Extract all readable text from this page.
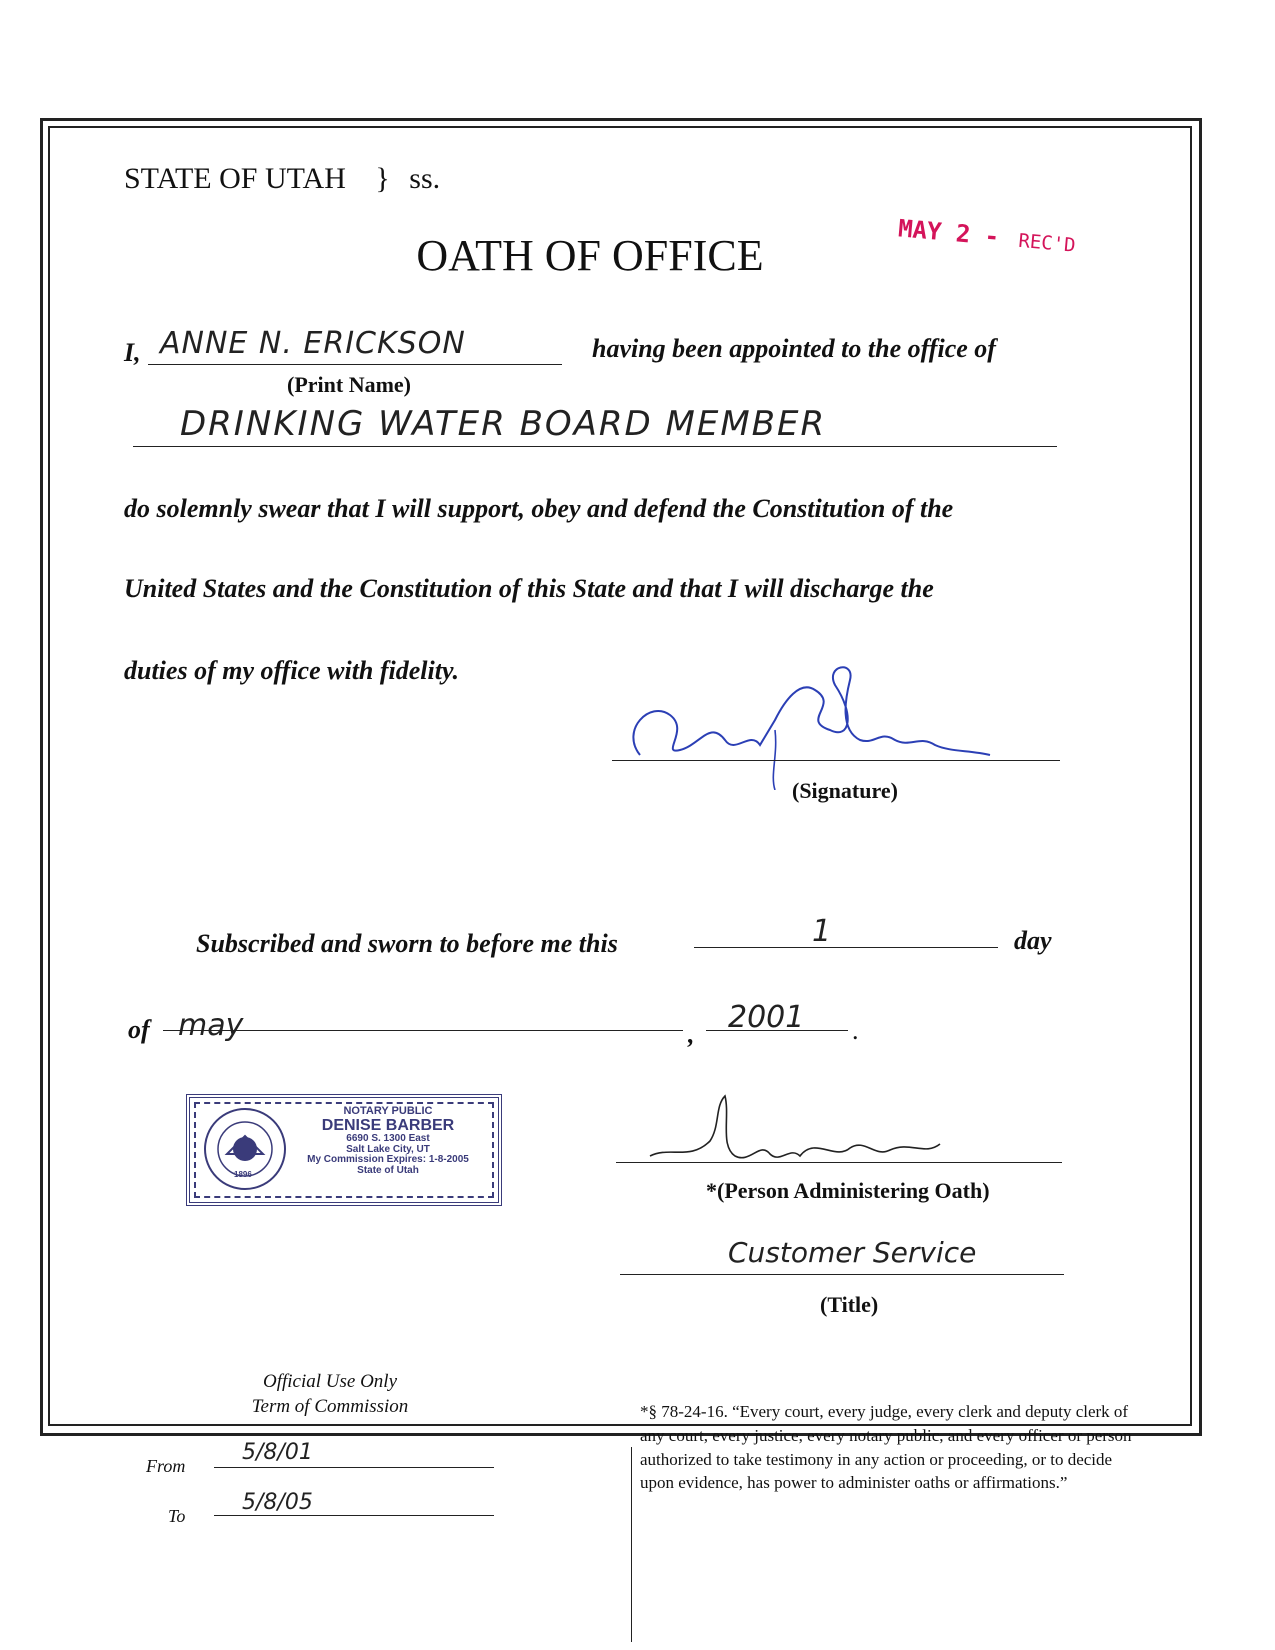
STATE OF UTAH } ss.
OATH OF OFFICE	MAY 2 - REC'D
I, ANNE N. ERICKSON	having been appointed to the office of
(Print Name)
DRINKING WATER BOARD MEMBER
do solemnly swear that I will support, obey and defend the Constitution of the
United States and the Constitution of this State and that I will discharge the
duties of my office with fidelity.
(Signature)
Subscribed and sworn to before me this	1	day
of may	, 2001 .
1896
NOTARY PUBLIC
DENISE BARBER
6690 S. 1300 East
Salt Lake City, UT
My Commission Expires: 1-8-2005
State of Utah
*(Person Administering Oath)
Customer Service
(Title)
Official Use Only
Term of Commission
From
5/8/01
To
5/8/05
*§ 78-24-16. “Every court, every judge, every clerk and deputy clerk of any court, every justice, every notary public, and every officer or person authorized to take testimony in any action or proceeding, or to decide upon evidence, has power to administer oaths or affirmations.”
